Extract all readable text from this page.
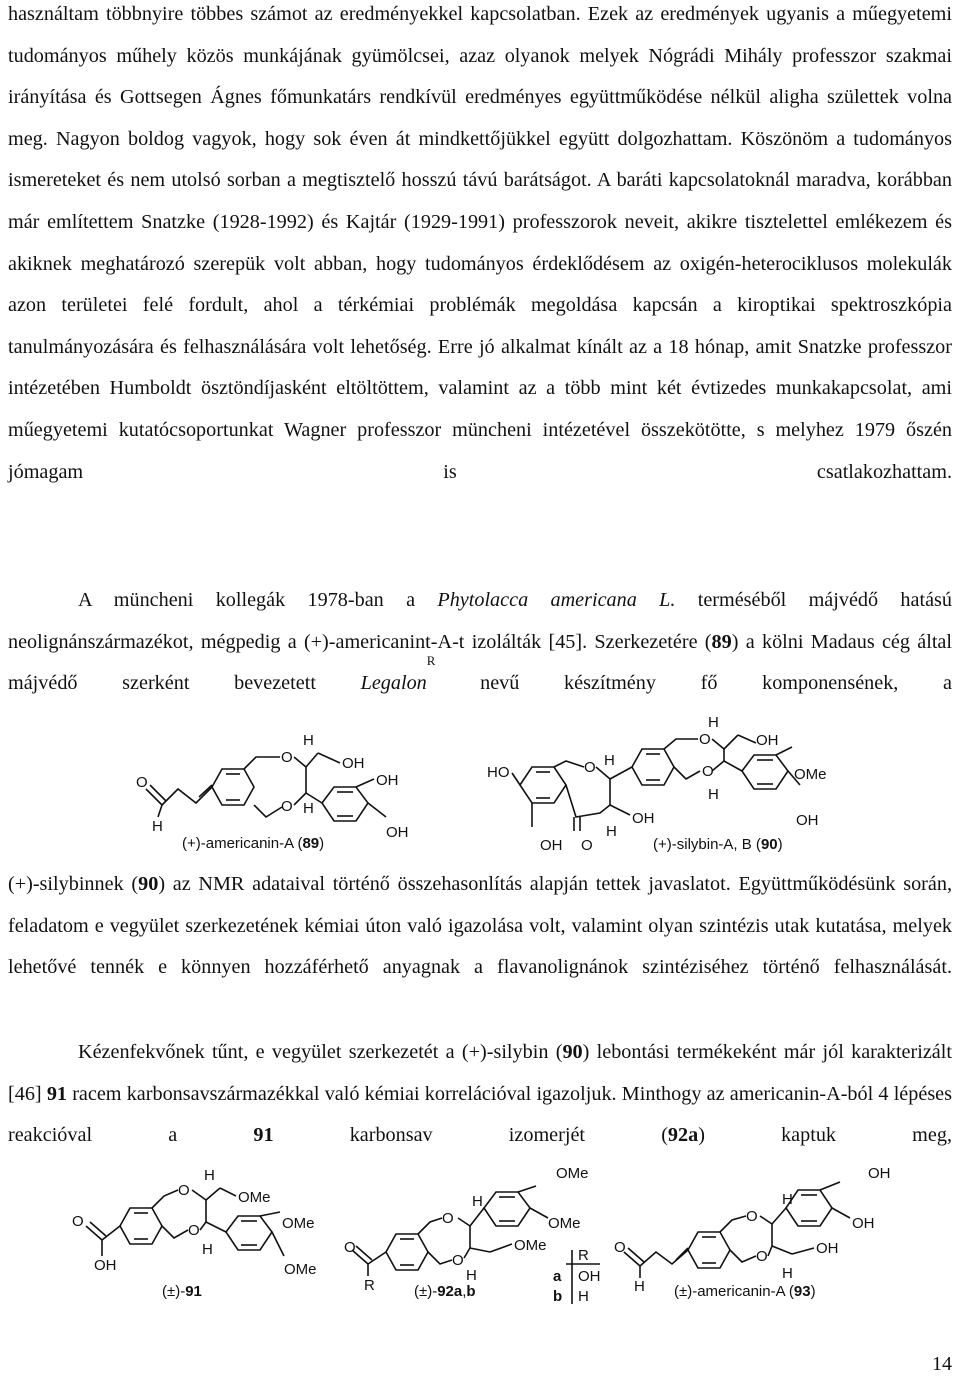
használtam többnyire többes számot az eredményekkel kapcsolatban. Ezek az eredmények ugyanis a műegyetemi tudományos műhely közös munkájának gyümölcsei, azaz olyanok melyek Nógrádi Mihály professzor szakmai irányítása és Gottsegen Ágnes főmunkatárs rendkívül eredményes együttműködése nélkül aligha születtek volna meg. Nagyon boldog vagyok, hogy sok éven át mindkettőjükkel együtt dolgozhattam. Köszönöm a tudományos ismereteket és nem utolsó sorban a megtisztelő hosszú távú barátságot. A baráti kapcsolatoknál maradva, korábban már említettem Snatzke (1928-1992) és Kajtár (1929-1991) professzorok neveit, akikre tisztelettel emlékezem és akiknek meghatározó szerepük volt abban, hogy tudományos érdeklődésem az oxigén-heterociklusos molekulák azon területei felé fordult, ahol a térkémiai problémák megoldása kapcsán a kiroptikai spektroszkópia tanulmányozására és felhasználására volt lehetőség. Erre jó alkalmat kínált az a 18 hónap, amit Snatzke professzor intézetében Humboldt ösztöndíjasként eltöltöttem, valamint az a több mint két évtizedes munkakapcsolat, ami műegyetemi kutatócsoportunkat Wagner professzor müncheni intézetével összekötötte, s melyhez 1979 őszén jómagam is csatlakozhattam.

A müncheni kollegák 1978-ban a Phytolacca americana L. terméséből májvédő hatású neolignánszármazékot, mégpedig a (+)-americanint-A-t izolálták [45]. Szerkezetére (89) a kölni Madaus cég által májvédő szerként bevezetett Legalon$^R$ nevű készítmény fő komponensének, a

O
H
O
O
H
H
OH
OH
OH
(+)-americanin-A (89)
HO	O H
OH
H
OH O
O
O
H
H
OH
OMe
OH
(+)-silybin-A, B (90)

(+)-silybinnek (90) az NMR adataival történő összehasonlítás alapján tettek javaslatot. Együttműködésünk során, feladatom e vegyület szerkezetének kémiai úton való igazolása volt, valamint olyan szintézis utak kutatása, melyek lehetővé tennék e könnyen hozzáférhető anyagnak a flavanolignánok szintéziséhez történő felhasználását.

Kézenfekvőnek tűnt, e vegyület szerkezetét a (+)-silybin (90) lebontási termékeként már jól karakterizált [46] 91 racem karbonsavszármazékkal való kémiai korrelációval igazoljuk. Minthogy az americanin-A-ból 4 lépéses reakcióval a 91 karbonsav izomerjét (92a) kaptuk meg,

O
OH
O
O
H
H
OMe
OMe
OMe
(±)-91
O
R
O
O
H
H
OMe
OMe
OMe
R
a OH
b H
(±)-92a,b
O
H
O
O
H
H
OH
OH
OH
(±)-americanin-A (93)
14
